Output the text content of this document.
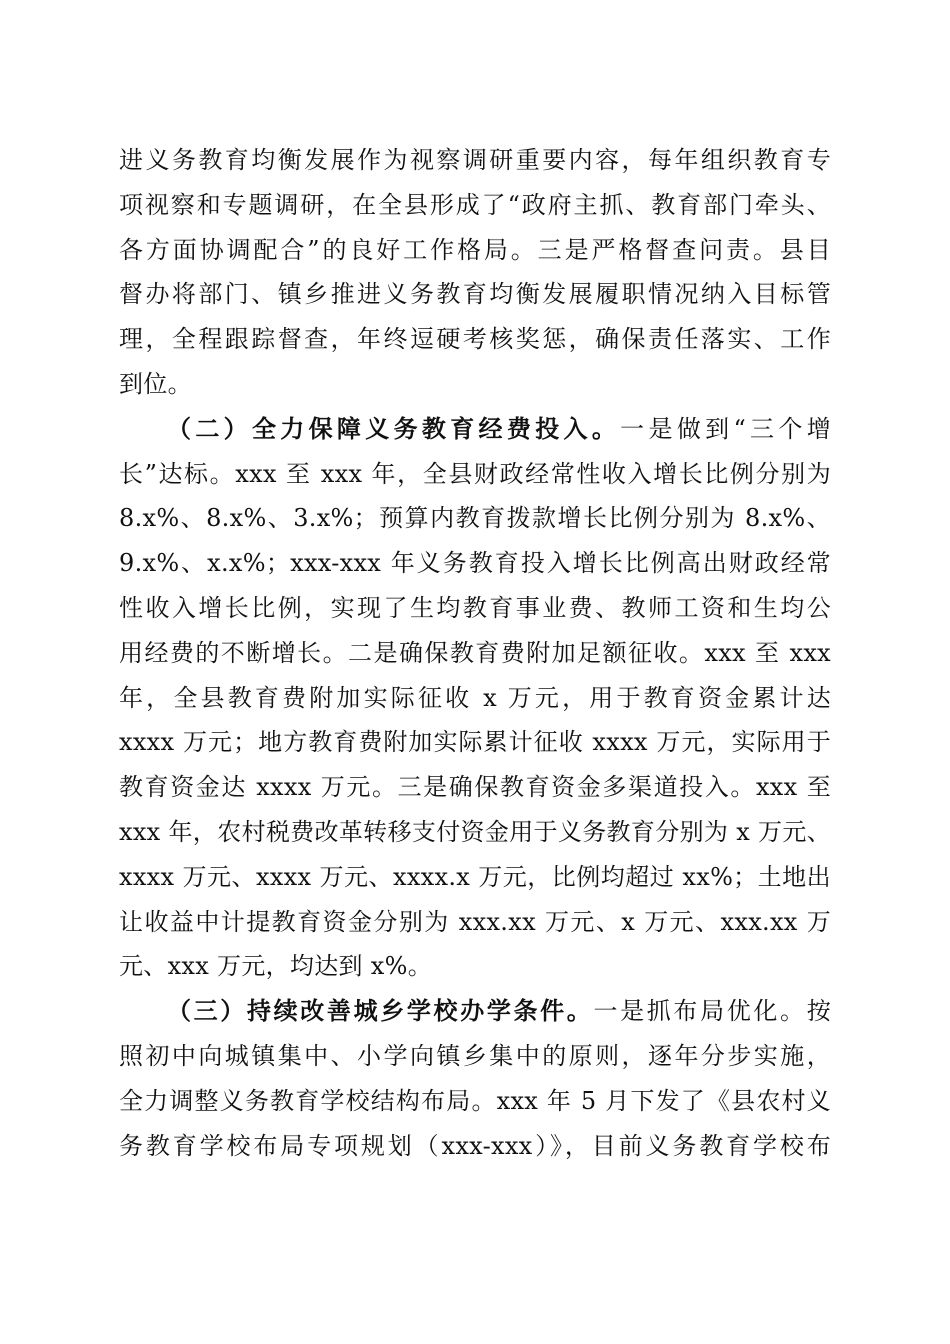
进义务教育均衡发展作为视察调研重要内容，每年组织教育专
项视察和专题调研，在全县形成了“政府主抓、教育部门牵头、
各方面协调配合”的良好工作格局。三是严格督查问责。县目
督办将部门、镇乡推进义务教育均衡发展履职情况纳入目标管
理，全程跟踪督查，年终逗硬考核奖惩，确保责任落实、工作
到位。
（二）全力保障义务教育经费投入。一是做到“三个增
长”达标。xxx 至 xxx 年，全县财政经常性收入增长比例分别为
8.x%、8.x%、3.x%；预算内教育拨款增长比例分别为 8.x%、
9.x%、x.x%；xxx-xxx 年义务教育投入增长比例高出财政经常
性收入增长比例，实现了生均教育事业费、教师工资和生均公
用经费的不断增长。二是确保教育费附加足额征收。xxx 至 xxx
年，全县教育费附加实际征收 x 万元，用于教育资金累计达
xxxx 万元；地方教育费附加实际累计征收 xxxx 万元，实际用于
教育资金达 xxxx 万元。三是确保教育资金多渠道投入。xxx 至
xxx 年，农村税费改革转移支付资金用于义务教育分别为 x 万元、
xxxx 万元、xxxx 万元、xxxx.x 万元，比例均超过 xx%；土地出
让收益中计提教育资金分别为 xxx.xx 万元、x 万元、xxx.xx 万
元、xxx 万元，均达到 x%。
（三）持续改善城乡学校办学条件。一是抓布局优化。按
照初中向城镇集中、小学向镇乡集中的原则，逐年分步实施，
全力调整义务教育学校结构布局。xxx 年 5 月下发了《县农村义
务教育学校布局专项规划（xxx-xxx）》，目前义务教育学校布
